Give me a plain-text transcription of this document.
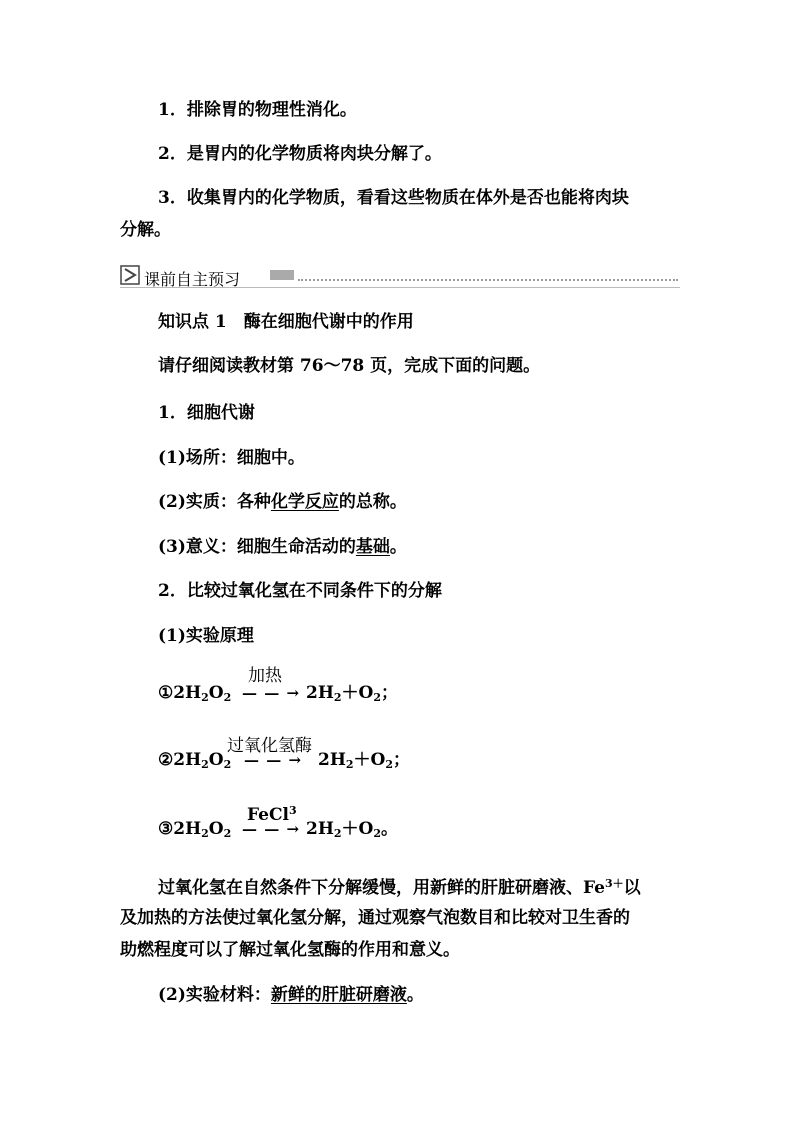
1．排除胃的物理性消化。
2．是胃内的化学物质将肉块分解了。
3．收集胃内的化学物质，看看这些物质在体外是否也能将肉块
分解。
课前自主预习
知识点 1　酶在细胞代谢中的作用
请仔细阅读教材第 76～78 页，完成下面的问题。
1．细胞代谢
(1)场所：细胞中。
(2)实质：各种化学反应的总称。
(3)意义：细胞生命活动的基础。
2．比较过氧化氢在不同条件下的分解
(1)实验原理
$①2H_2O_2$
加热
— — → $2H_2+O_2$；
$②2H_2O_2$
过氧化氢酶
— — → $2H_2+O_2$；
$③2H_2O_2$
FeCl$^3$
— — → $2H_2+O_2$。
过氧化氢在自然条件下分解缓慢，用新鲜的肝脏研磨液、$Fe^{3+}$以
及加热的方法使过氧化氢分解，通过观察气泡数目和比较对卫生香的
助燃程度可以了解过氧化氢酶的作用和意义。
(2)实验材料：新鲜的肝脏研磨液。
